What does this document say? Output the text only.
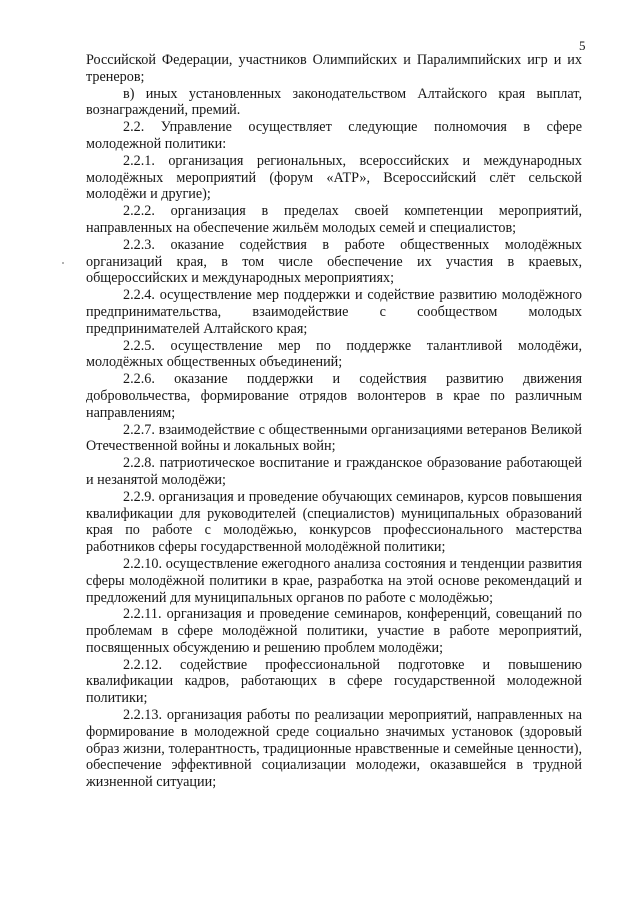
5

Российской Федерации, участников Олимпийских и Паралимпийских игр и их тренеров;

в) иных установленных законодательством Алтайского края выплат, вознаграждений, премий.

2.2. Управление осуществляет следующие полномочия в сфере молодежной политики:

2.2.1. организация региональных, всероссийских и международных молодёжных мероприятий (форум «АТР», Всероссийский слёт сельской молодёжи и другие);

2.2.2. организация в пределах своей компетенции мероприятий, направленных на обеспечение жильём молодых семей и специалистов;

2.2.3. оказание содействия в работе общественных молодёжных организаций края, в том числе обеспечение их участия в краевых, общероссийских и международных мероприятиях;

2.2.4. осуществление мер поддержки и содействие развитию молодёжного предпринимательства, взаимодействие с сообществом молодых предпринимателей Алтайского края;

2.2.5. осуществление мер по поддержке талантливой молодёжи, молодёжных общественных объединений;

2.2.6. оказание поддержки и содействия развитию движения добровольчества, формирование отрядов волонтеров в крае по различным направлениям;

2.2.7. взаимодействие с общественными организациями ветеранов Великой Отечественной войны и локальных войн;

2.2.8. патриотическое воспитание и гражданское образование работающей и незанятой молодёжи;

2.2.9. организация и проведение обучающих семинаров, курсов повышения квалификации для руководителей (специалистов) муниципальных образований края по работе с молодёжью, конкурсов профессионального мастерства работников сферы государственной молодёжной политики;

2.2.10. осуществление ежегодного анализа состояния и тенденции развития сферы молодёжной политики в крае, разработка на этой основе рекомендаций и предложений для муниципальных органов по работе с молодёжью;

2.2.11. организация и проведение семинаров, конференций, совещаний по проблемам в сфере молодёжной политики, участие в работе мероприятий, посвященных обсуждению и решению проблем молодёжи;

2.2.12. содействие профессиональной подготовке и повышению квалификации кадров, работающих в сфере государственной молодежной политики;

2.2.13. организация работы по реализации мероприятий, направленных на формирование в молодежной среде социально значимых установок (здоровый образ жизни, толерантность, традиционные нравственные и семейные ценности), обеспечение эффективной социализации молодежи, оказавшейся в трудной жизненной ситуации;
